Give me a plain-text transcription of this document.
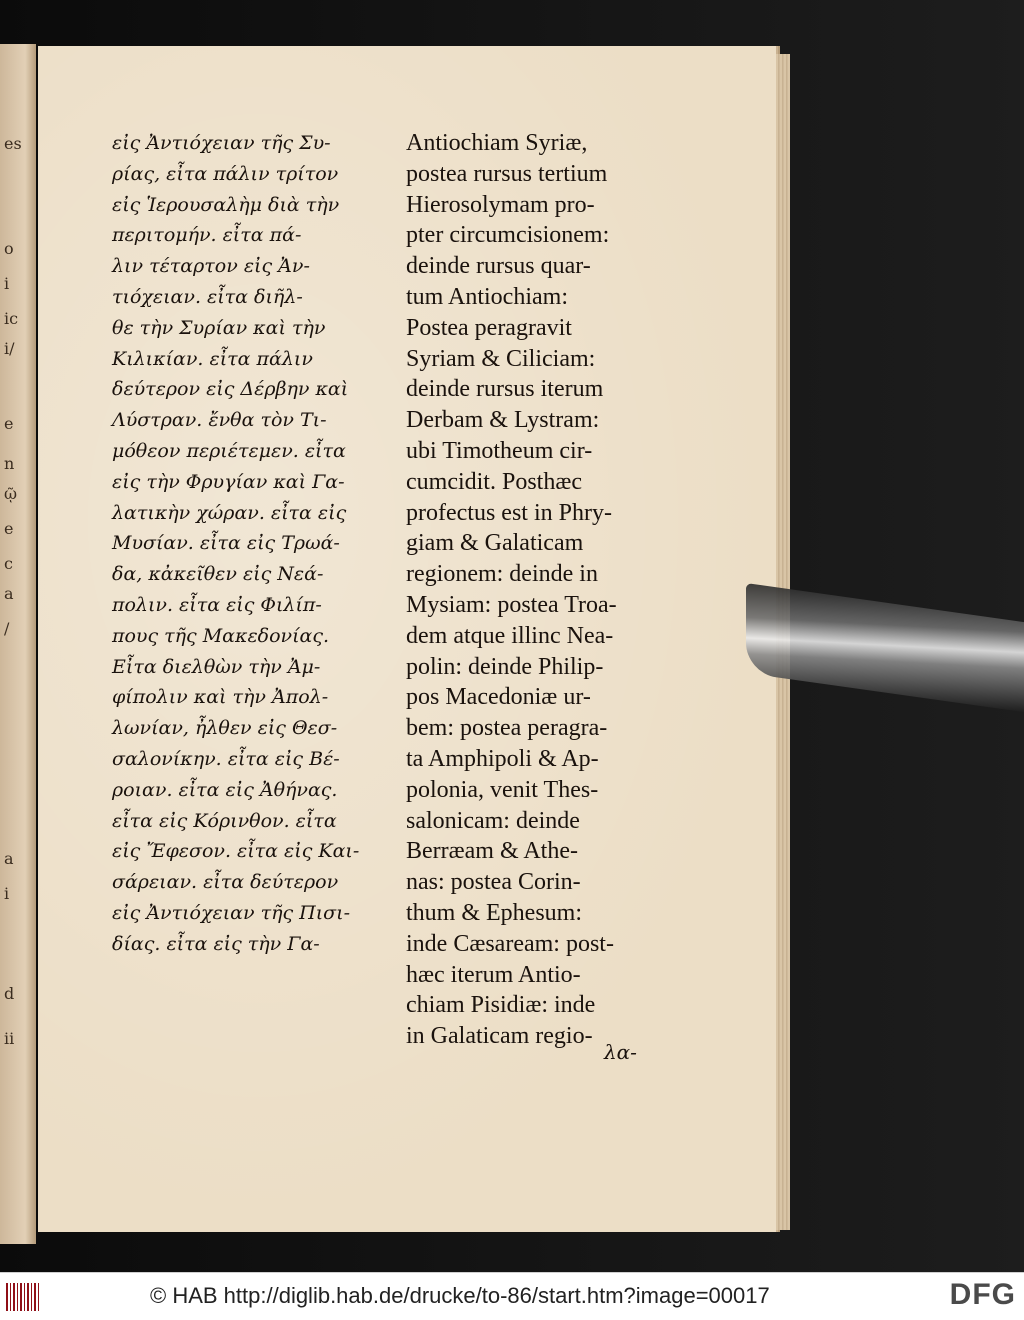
es
o
i
ic
i/
e
n
ῷ
e
c
a
/
a
i
d
ii
εἰς Ἀντιόχειαν τῆς Συ-
ρίας, εἶτα πάλιν τρίτον
εἰς Ἱερουσαλὴμ διὰ τὴν
περιτομήν. εἶτα πά-
λιν τέταρτον εἰς Ἀν-
τιόχειαν. εἶτα διῆλ-
θε τὴν Συρίαν καὶ τὴν
Κιλικίαν. εἶτα πάλιν
δεύτερον εἰς Δέρβην καὶ
Λύστραν. ἔνθα τὸν Τι-
μόθεον περιέτεμεν. εἶτα
εἰς τὴν Φρυγίαν καὶ Γα-
λατικὴν χώραν. εἶτα εἰς
Μυσίαν. εἶτα εἰς Τρωά-
δα, κἀκεῖθεν εἰς Νεά-
πολιν. εἶτα εἰς Φιλίπ-
πους τῆς Μακεδονίας.
Εἶτα διελθὼν τὴν Ἀμ-
φίπολιν καὶ τὴν Ἀπολ-
λωνίαν, ἦλθεν εἰς Θεσ-
σαλονίκην. εἶτα εἰς Βέ-
ροιαν. εἶτα εἰς Ἀθήνας.
εἶτα εἰς Κόρινθον. εἶτα
εἰς Ἔφεσον. εἶτα εἰς Και-
σάρειαν. εἶτα δεύτερον
εἰς Ἀντιόχειαν τῆς Πισι-
δίας. εἶτα εἰς τὴν Γα-
Antiochiam Syriæ,
postea rursus tertium
Hierosolymam pro-
pter circumcisionem:
deinde rursus quar-
tum Antiochiam:
Postea peragravit
Syriam & Ciliciam:
deinde rursus iterum
Derbam & Lystram:
ubi Timotheum cir-
cumcidit. Posthæc
profectus est in Phry-
giam & Galaticam
regionem: deinde in
Mysiam: postea Troa-
dem atque illinc Nea-
polin: deinde Philip-
pos Macedoniæ ur-
bem: postea peragra-
ta Amphipoli & Ap-
polonia, venit Thes-
salonicam: deinde
Berræam & Athe-
nas: postea Corin-
thum & Ephesum:
inde Cæsaream: post-
hæc iterum Antio-
chiam Pisidiæ: inde
in Galaticam regio-
λα-
© HAB http://diglib.hab.de/drucke/to-86/start.htm?image=00017	DFG
